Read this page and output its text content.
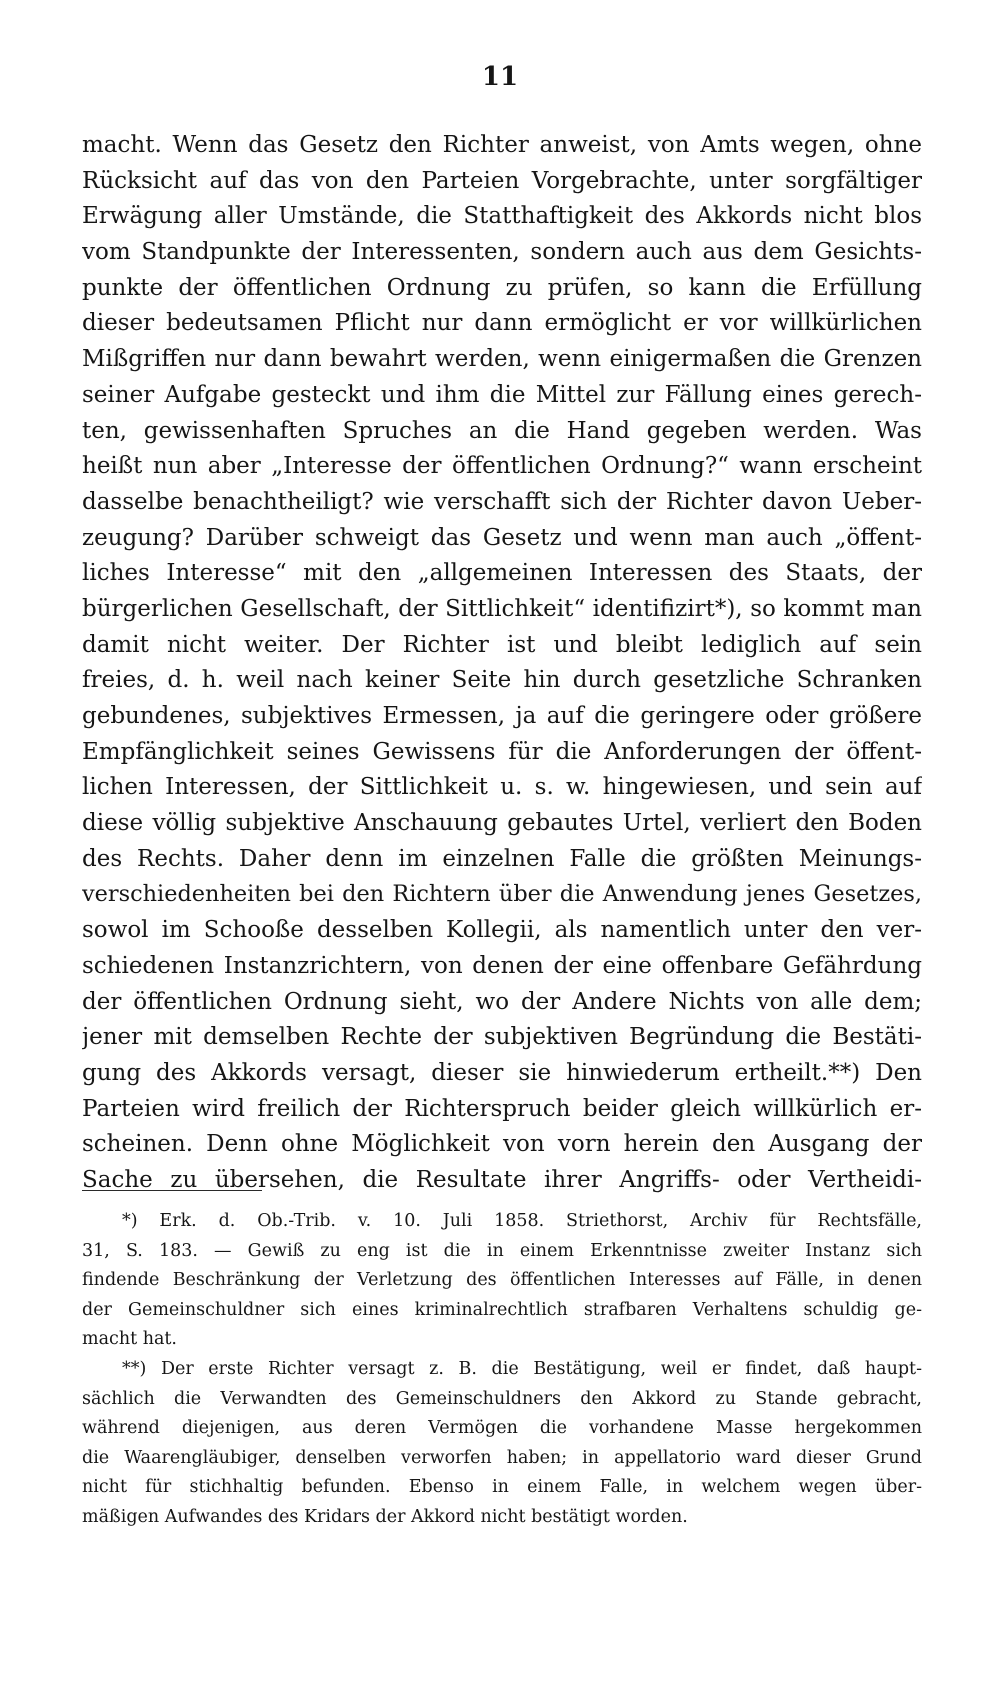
11
macht. Wenn das Gesetz den Richter anweist, von Amts wegen, ohne
Rücksicht auf das von den Parteien Vorgebrachte, unter sorgfältiger
Erwägung aller Umstände, die Statthaftigkeit des Akkords nicht blos
vom Standpunkte der Interessenten, sondern auch aus dem Gesichts-
punkte der öffentlichen Ordnung zu prüfen, so kann die Erfüllung
dieser bedeutsamen Pflicht nur dann ermöglicht er vor willkürlichen
Mißgriffen nur dann bewahrt werden, wenn einigermaßen die Grenzen
seiner Aufgabe gesteckt und ihm die Mittel zur Fällung eines gerech-
ten, gewissenhaften Spruches an die Hand gegeben werden. Was
heißt nun aber „Interesse der öffentlichen Ordnung?“ wann erscheint
dasselbe benachtheiligt? wie verschafft sich der Richter davon Ueber-
zeugung? Darüber schweigt das Gesetz und wenn man auch „öffent-
liches Interesse“ mit den „allgemeinen Interessen des Staats, der
bürgerlichen Gesellschaft, der Sittlichkeit“ identifizirt*), so kommt man
damit nicht weiter. Der Richter ist und bleibt lediglich auf sein
freies, d. h. weil nach keiner Seite hin durch gesetzliche Schranken
gebundenes, subjektives Ermessen, ja auf die geringere oder größere
Empfänglichkeit seines Gewissens für die Anforderungen der öffent-
lichen Interessen, der Sittlichkeit u. s. w. hingewiesen, und sein auf
diese völlig subjektive Anschauung gebautes Urtel, verliert den Boden
des Rechts. Daher denn im einzelnen Falle die größten Meinungs-
verschiedenheiten bei den Richtern über die Anwendung jenes Gesetzes,
sowol im Schooße desselben Kollegii, als namentlich unter den ver-
schiedenen Instanzrichtern, von denen der eine offenbare Gefährdung
der öffentlichen Ordnung sieht, wo der Andere Nichts von alle dem;
jener mit demselben Rechte der subjektiven Begründung die Bestäti-
gung des Akkords versagt, dieser sie hinwiederum ertheilt.**) Den
Parteien wird freilich der Richterspruch beider gleich willkürlich er-
scheinen. Denn ohne Möglichkeit von vorn herein den Ausgang der
Sache zu übersehen, die Resultate ihrer Angriffs- oder Vertheidi-
*) Erk. d. Ob.-Trib. v. 10. Juli 1858. Striethorst, Archiv für Rechtsfälle,
31, S. 183. — Gewiß zu eng ist die in einem Erkenntnisse zweiter Instanz sich
findende Beschränkung der Verletzung des öffentlichen Interesses auf Fälle, in denen
der Gemeinschuldner sich eines kriminalrechtlich strafbaren Verhaltens schuldig ge-
macht hat.
**) Der erste Richter versagt z. B. die Bestätigung, weil er findet, daß haupt-
sächlich die Verwandten des Gemeinschuldners den Akkord zu Stande gebracht,
während diejenigen, aus deren Vermögen die vorhandene Masse hergekommen
die Waarengläubiger, denselben verworfen haben; in appellatorio ward dieser Grund
nicht für stichhaltig befunden. Ebenso in einem Falle, in welchem wegen über-
mäßigen Aufwandes des Kridars der Akkord nicht bestätigt worden.
